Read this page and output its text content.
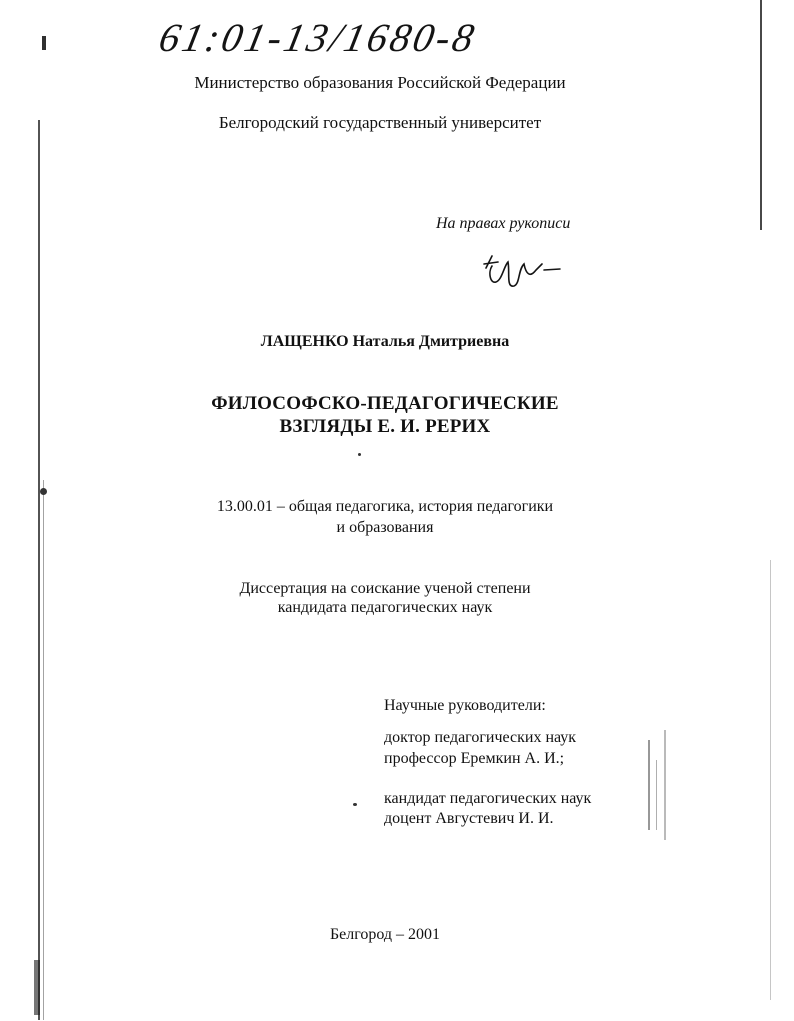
61:01-13/1680-8
Министерство образования Российской Федерации
Белгородский государственный университет
На правах рукописи
Н.Лащ
ЛАЩЕНКО Наталья Дмитриевна
ФИЛОСОФСКО-ПЕДАГОГИЧЕСКИЕ
ВЗГЛЯДЫ Е. И. РЕРИХ
13.00.01 – общая педагогика, история педагогики
и образования
Диссертация на соискание ученой степени
кандидата педагогических наук
Научные руководители:
доктор педагогических наук
профессор Еремкин А. И.;
кандидат педагогических наук
доцент Августевич И. И.
Белгород – 2001
